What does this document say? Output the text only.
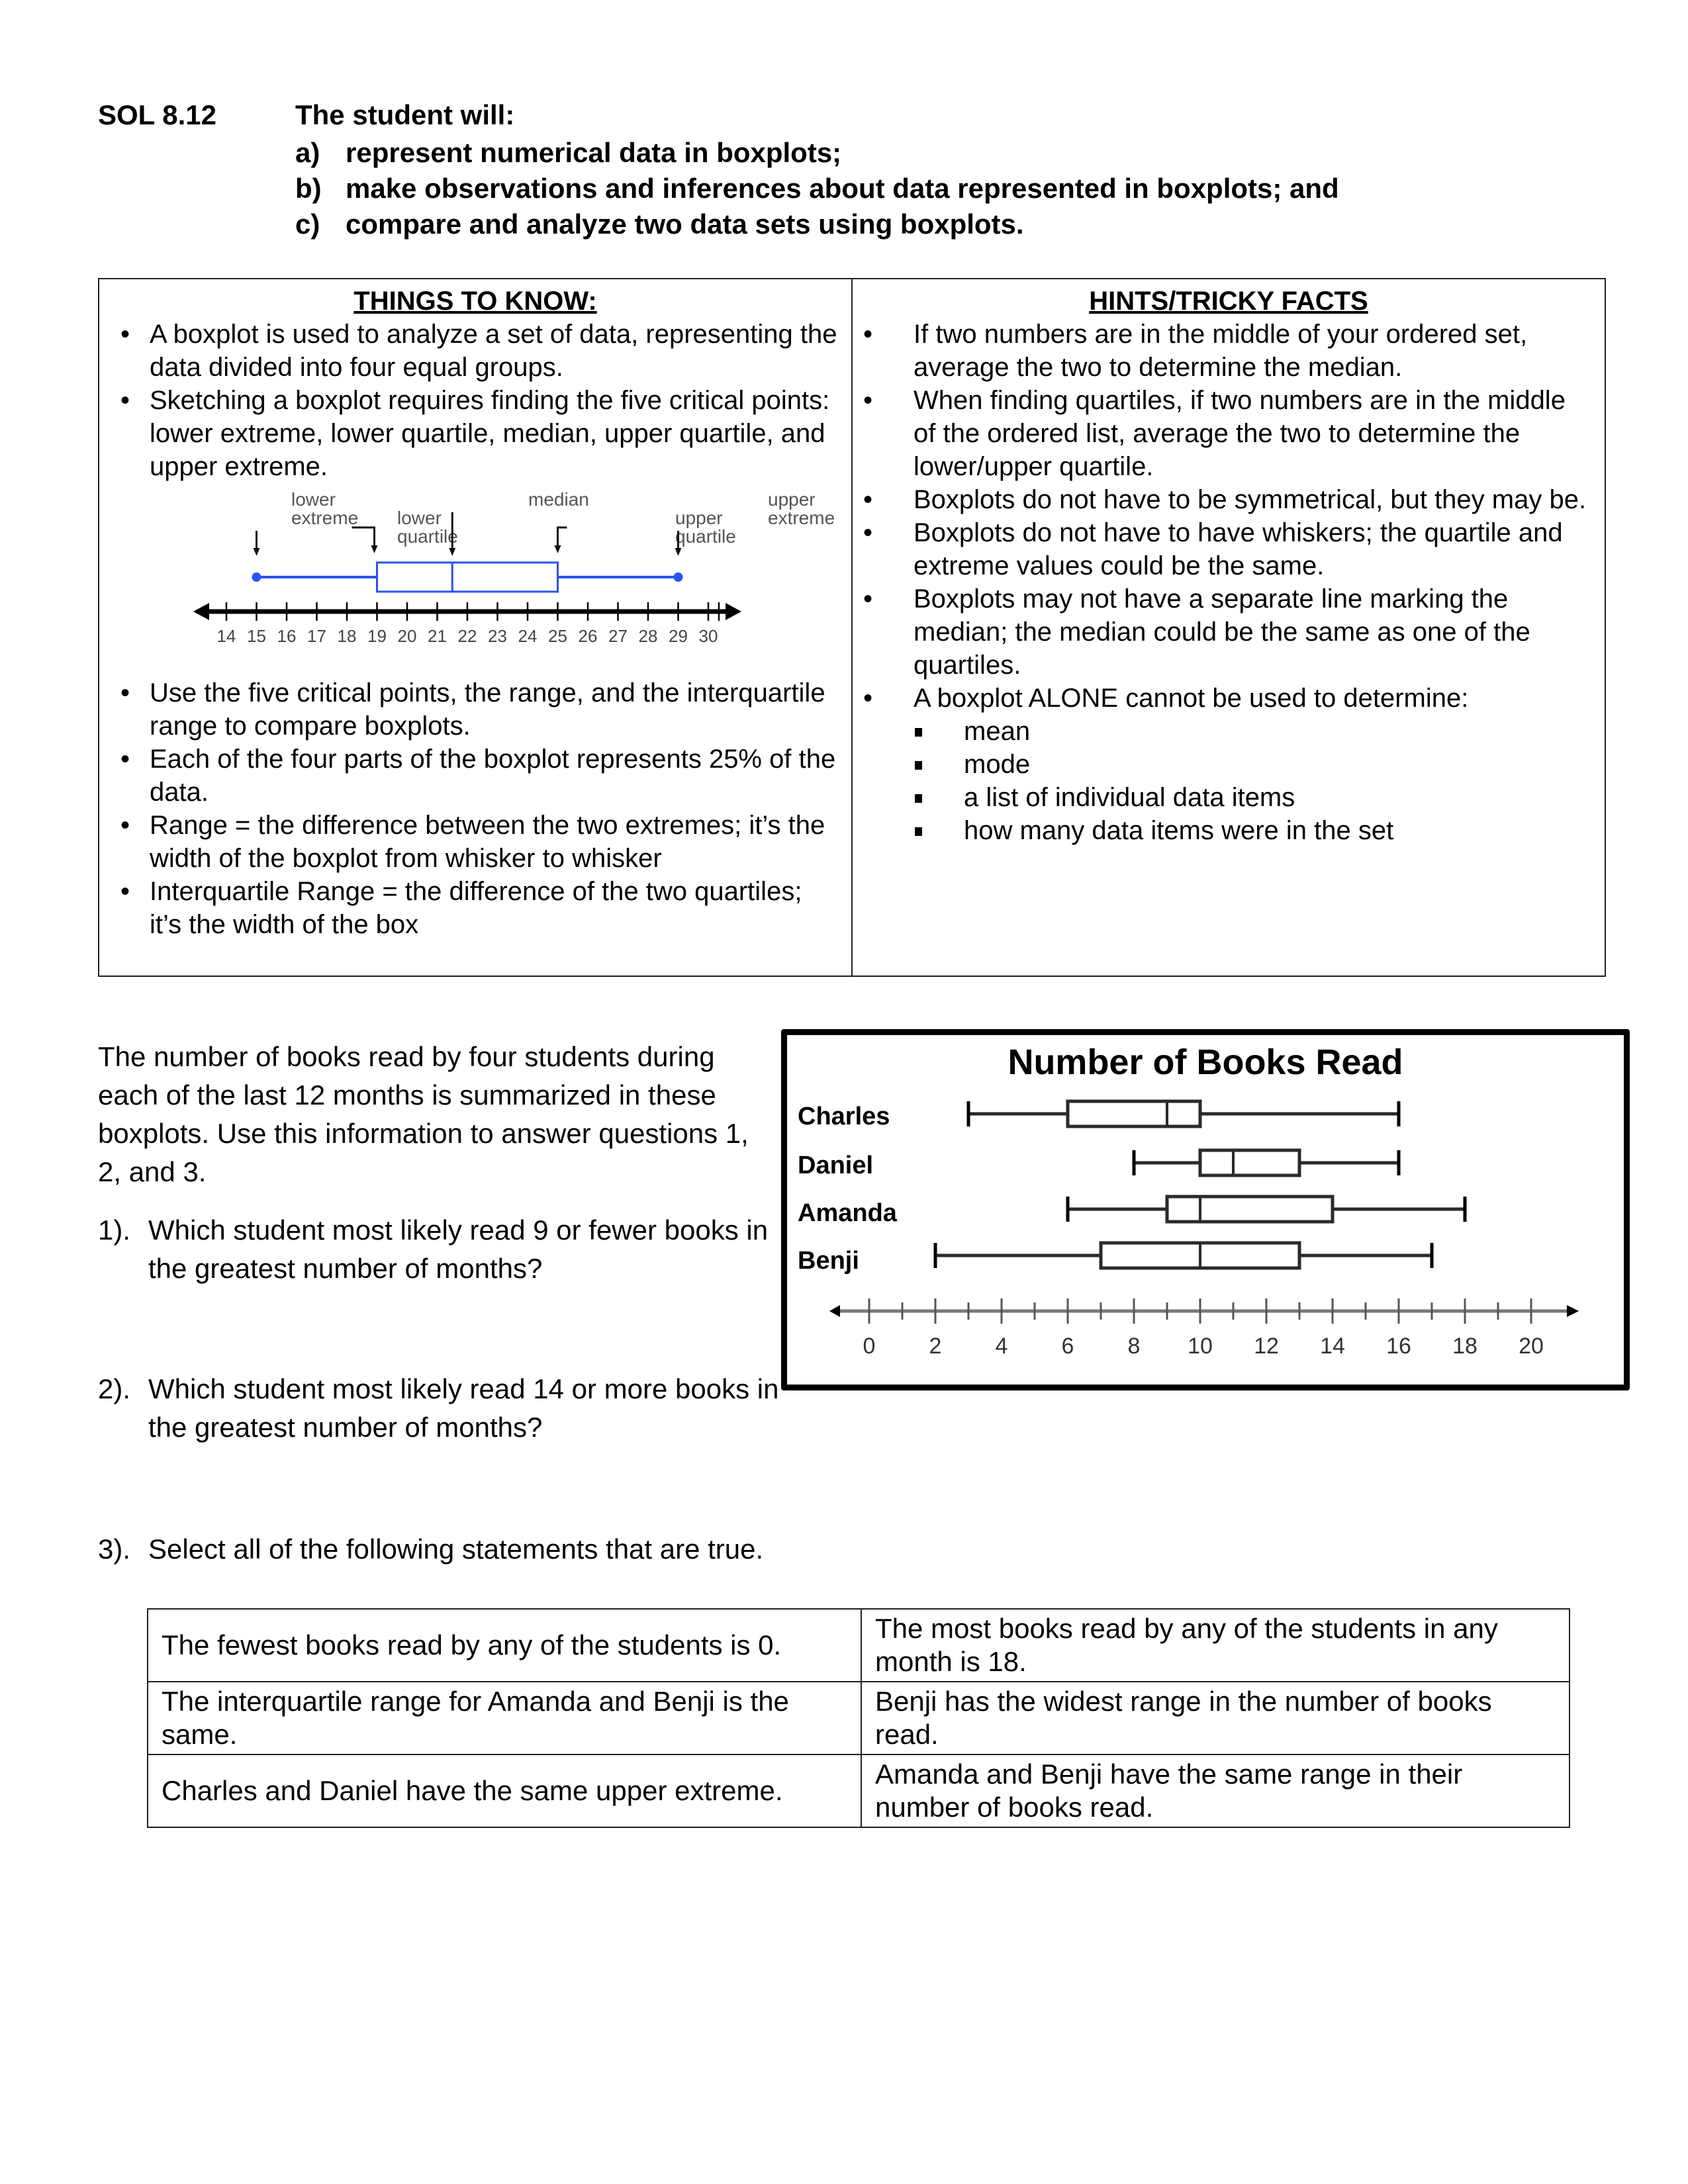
SOL 8.12	The student will:
a) represent numerical data in boxplots;
b) make observations and inferences about data represented in boxplots; and
c) compare and analyze two data sets using boxplots.
THINGS TO KNOW:
• A boxplot is used to analyze a set of data, representing the data divided into four equal groups.
• Sketching a boxplot requires finding the five critical points: lower extreme, lower quartile, median, upper quartile, and upper extreme.
lower extreme lower quartile
median
upper quartile
upper extreme
14 15 16 17 18 19 20 21 22 23 24 25 26 27 28 29 30
• Use the five critical points, the range, and the interquartile range to compare boxplots.
• Each of the four parts of the boxplot represents 25% of the data.
• Range = the difference between the two extremes; it’s the width of the boxplot from whisker to whisker
• Interquartile Range = the difference of the two quartiles; it’s the width of the box
HINTS/TRICKY FACTS
• If two numbers are in the middle of your ordered set, average the two to determine the median.
• When finding quartiles, if two numbers are in the middle of the ordered list, average the two to determine the lower/upper quartile.
• Boxplots do not have to be symmetrical, but they may be.
• Boxplots do not have to have whiskers; the quartile and extreme values could be the same.
• Boxplots may not have a separate line marking the median; the median could be the same as one of the quartiles.
• A boxplot ALONE cannot be used to determine:
mean
mode
a list of individual data items
how many data items were in the set
The number of books read by four students during each of the last 12 months is summarized in these boxplots. Use this information to answer questions 1, 2, and 3.
1). Which student most likely read 9 or fewer books in the greatest number of months?
2). Which student most likely read 14 or more books in the greatest number of months?
3). Select all of the following statements that are true.
Number of Books Read
Charles
Daniel
Amanda
Benji
0 2 4 6 8 10 12 14 16 18 20
The fewest books read by any of the students is 0.	The most books read by any of the students in any month is 18.
The interquartile range for Amanda and Benji is the same.	Benji has the widest range in the number of books read.
Charles and Daniel have the same upper extreme.	Amanda and Benji have the same range in their number of books read.
